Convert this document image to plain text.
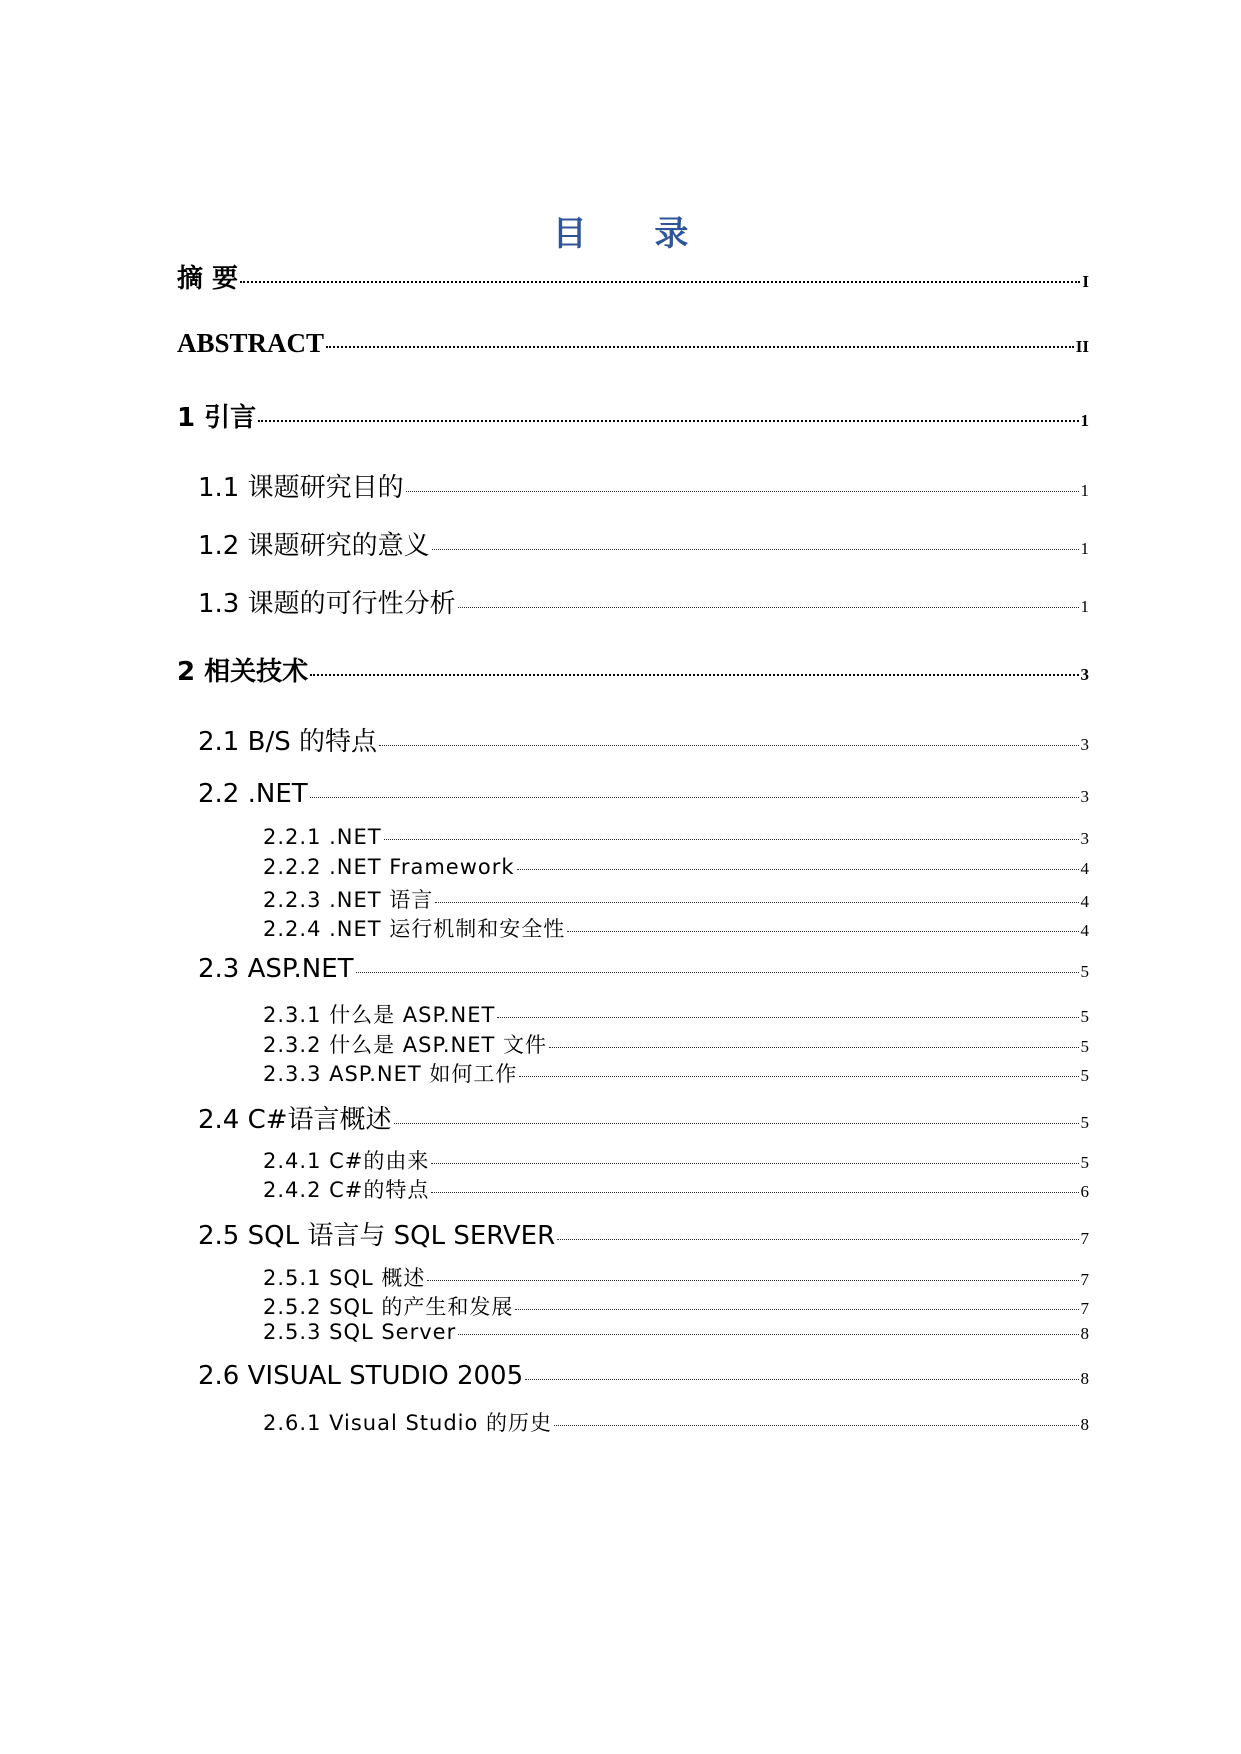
目 录
摘 要	I
ABSTRACT	II
1 引言	1
1.1 课题研究目的	1
1.2 课题研究的意义	1
1.3 课题的可行性分析	1
2 相关技术	3
2.1 B/S 的特点	3
2.2 .NET	3
2.2.1 .NET	3
2.2.2 .NET Framework	4
2.2.3 .NET 语言	4
2.2.4 .NET 运行机制和安全性	4
2.3 ASP.NET	5
2.3.1 什么是 ASP.NET	5
2.3.2 什么是 ASP.NET 文件	5
2.3.3 ASP.NET 如何工作	5
2.4 C#语言概述	5
2.4.1 C#的由来	5
2.4.2 C#的特点	6
2.5 SQL 语言与 SQL SERVER	7
2.5.1 SQL 概述	7
2.5.2 SQL 的产生和发展	7
2.5.3 SQL Server	8
2.6 VISUAL STUDIO 2005	8
2.6.1 Visual Studio 的历史	8
